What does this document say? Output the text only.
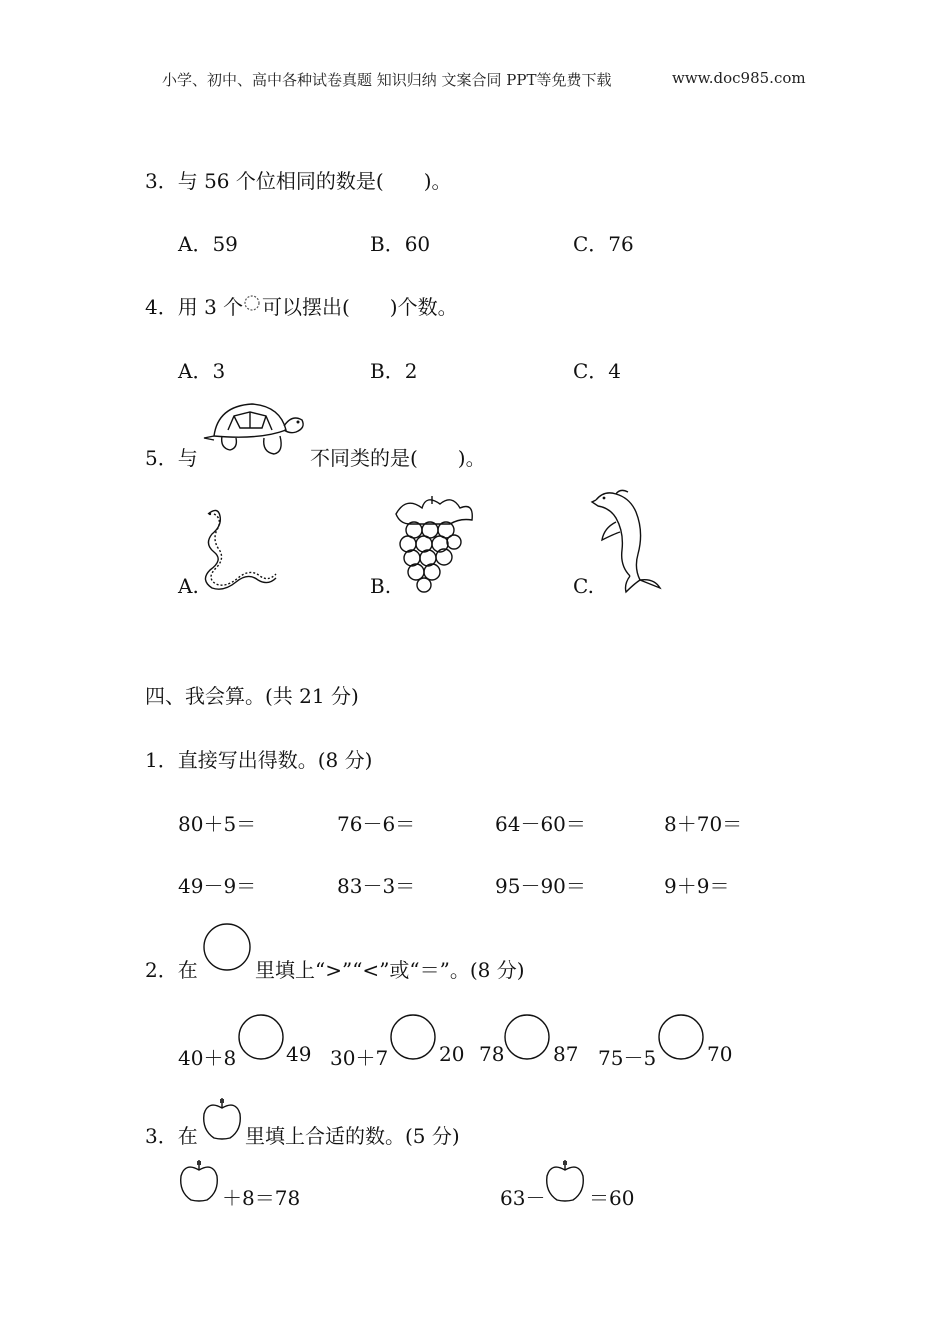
小学、初中、高中各种试卷真题 知识归纳 文案合同 PPT等免费下载	www.doc985.com
3．与 56 个位相同的数是(　　)。
A．59	B．60	C．76
4．用 3 个 可以摆出(　　)个数。
A．3	B．2	C．4
5．与	不同类的是(　　)。
A.	B.	C.
四、我会算。(共 21 分)
1．直接写出得数。(8 分)
80＋5＝	76－6＝	64－60＝	8＋70＝
49－9＝	83－3＝	95－90＝	9＋9＝
2．在	里填上“>”“<”或“＝”。(8 分)
40＋8 49 30＋7	20 78 87 75－5	70
3．在 里填上合适的数。(5 分)
＋8＝78	63－ ＝60
